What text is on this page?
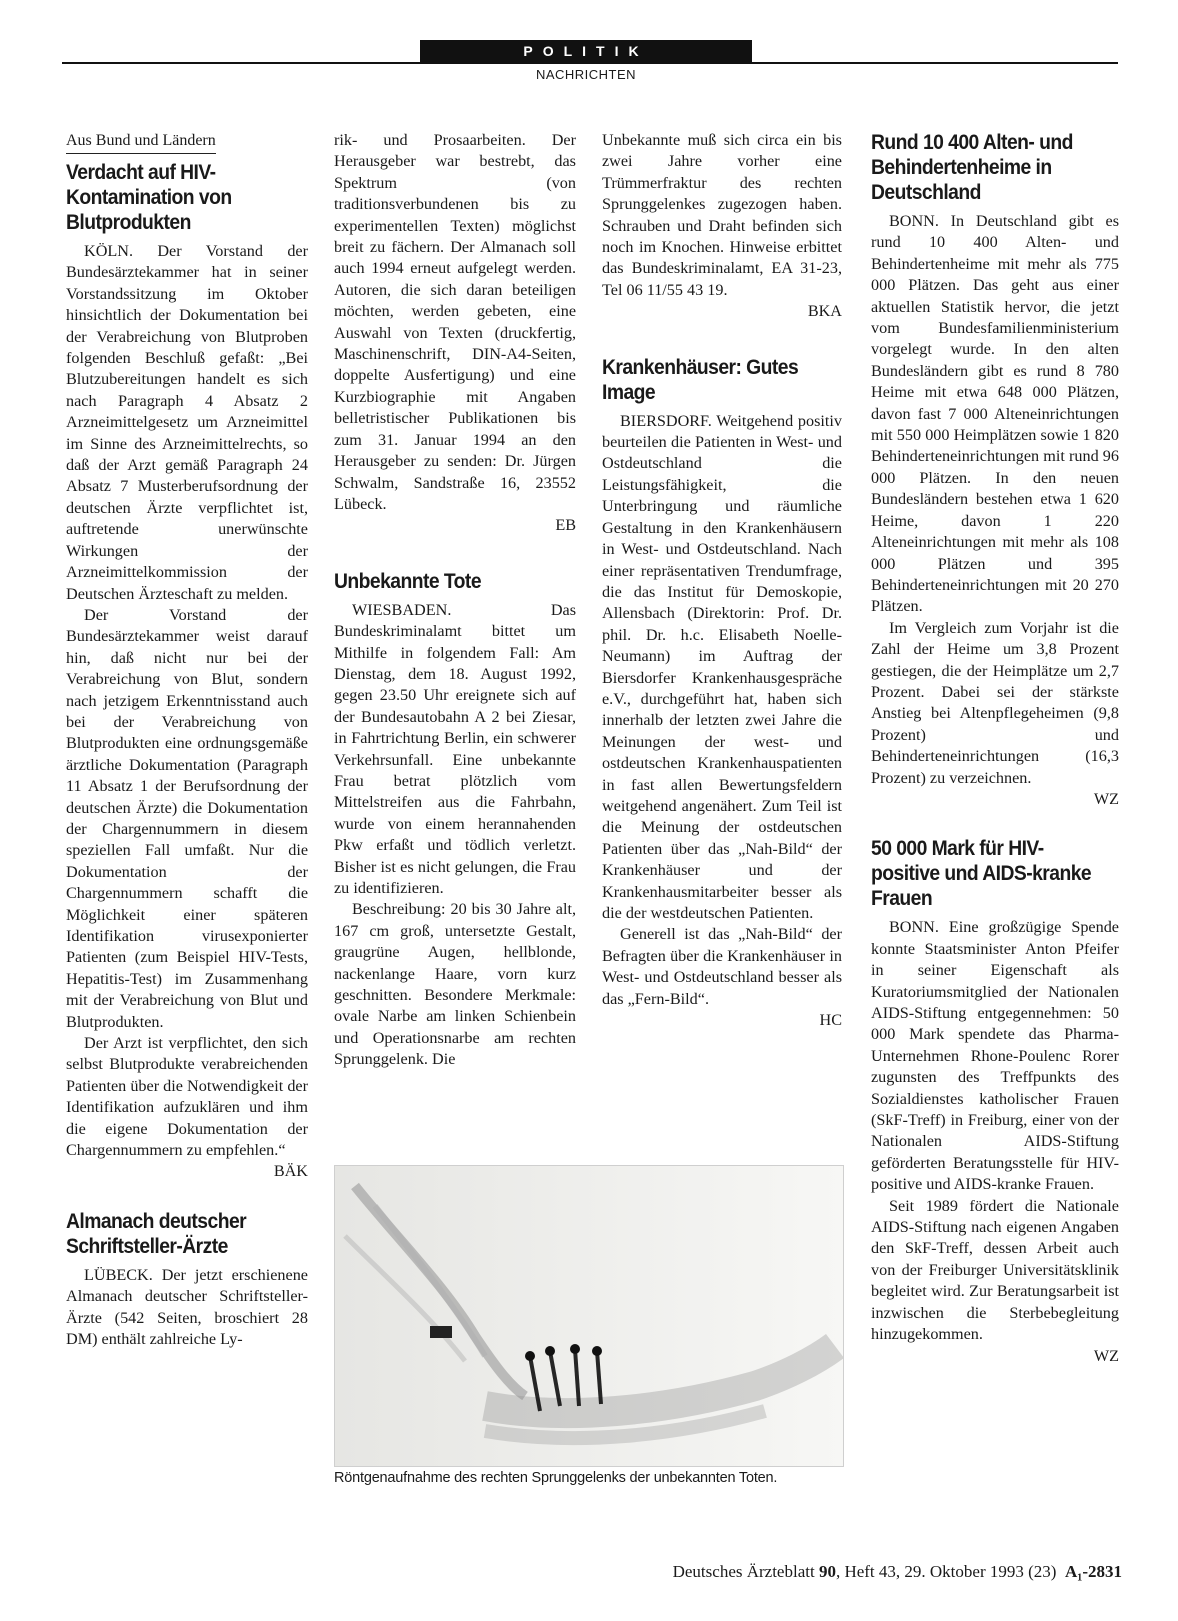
POLITIK
NACHRICHTEN
Aus Bund und Ländern
Verdacht auf HIV-Kontamination von Blutprodukten

KÖLN. Der Vorstand der Bundesärztekammer hat in seiner Vorstandssitzung im Oktober hinsichtlich der Dokumentation bei der Verabreichung von Blutproben folgenden Beschluß gefaßt: „Bei Blutzubereitungen handelt es sich nach Paragraph 4 Absatz 2 Arzneimittelgesetz um Arzneimittel im Sinne des Arzneimittelrechts, so daß der Arzt gemäß Paragraph 24 Absatz 7 Musterberufsordnung der deutschen Ärzte verpflichtet ist, auftretende unerwünschte Wirkungen der Arzneimittelkommission der Deutschen Ärzteschaft zu melden.

Der Vorstand der Bundesärztekammer weist darauf hin, daß nicht nur bei der Verabreichung von Blut, sondern nach jetzigem Erkenntnisstand auch bei der Verabreichung von Blutprodukten eine ordnungsgemäße ärztliche Dokumentation (Paragraph 11 Absatz 1 der Berufsordnung der deutschen Ärzte) die Dokumentation der Chargennummern in diesem speziellen Fall umfaßt. Nur die Dokumentation der Chargennummern schafft die Möglichkeit einer späteren Identifikation virusexponierter Patienten (zum Beispiel HIV-Tests, Hepatitis-Test) im Zusammenhang mit der Verabreichung von Blut und Blutprodukten.

Der Arzt ist verpflichtet, den sich selbst Blutprodukte verabreichenden Patienten über die Notwendigkeit der Identifikation aufzuklären und ihm die eigene Dokumentation der Chargennummern zu empfehlen.“

BÄK
Almanach deutscher Schriftsteller-Ärzte

LÜBECK. Der jetzt erschienene Almanach deutscher Schriftsteller-Ärzte (542 Seiten, broschiert 28 DM) enthält zahlreiche Ly-

rik- und Prosaarbeiten. Der Herausgeber war bestrebt, das Spektrum (von traditionsverbundenen bis zu experimentellen Texten) möglichst breit zu fächern. Der Almanach soll auch 1994 erneut aufgelegt werden. Autoren, die sich daran beteiligen möchten, werden gebeten, eine Auswahl von Texten (druckfertig, Maschinenschrift, DIN-A4-Seiten, doppelte Ausfertigung) und eine Kurzbiographie mit Angaben belletristischer Publikationen bis zum 31. Januar 1994 an den Herausgeber zu senden: Dr. Jürgen Schwalm, Sandstraße 16, 23552 Lübeck.

EB
Unbekannte Tote

WIESBADEN. Das Bundeskriminalamt bittet um Mithilfe in folgendem Fall: Am Dienstag, dem 18. August 1992, gegen 23.50 Uhr ereignete sich auf der Bundesautobahn A 2 bei Ziesar, in Fahrtrichtung Berlin, ein schwerer Verkehrsunfall. Eine unbekannte Frau betrat plötzlich vom Mittelstreifen aus die Fahrbahn, wurde von einem herannahenden Pkw erfaßt und tödlich verletzt. Bisher ist es nicht gelungen, die Frau zu identifizieren.

Beschreibung: 20 bis 30 Jahre alt, 167 cm groß, untersetzte Gestalt, graugrüne Augen, hellblonde, nackenlange Haare, vorn kurz geschnitten. Besondere Merkmale: ovale Narbe am linken Schienbein und Operationsnarbe am rechten Sprunggelenk. Die

Unbekannte muß sich circa ein bis zwei Jahre vorher eine Trümmerfraktur des rechten Sprunggelenkes zugezogen haben. Schrauben und Draht befinden sich noch im Knochen. Hinweise erbittet das Bundeskriminalamt, EA 31-23, Tel 06 11/55 43 19.

BKA
Krankenhäuser: Gutes Image

BIERSDORF. Weitgehend positiv beurteilen die Patienten in West- und Ostdeutschland die Leistungsfähigkeit, die Unterbringung und räumliche Gestaltung in den Krankenhäusern in West- und Ostdeutschland. Nach einer repräsentativen Trendumfrage, die das Institut für Demoskopie, Allensbach (Direktorin: Prof. Dr. phil. Dr. h.c. Elisabeth Noelle-Neumann) im Auftrag der Biersdorfer Krankenhausgespräche e.V., durchgeführt hat, haben sich innerhalb der letzten zwei Jahre die Meinungen der west- und ostdeutschen Krankenhauspatienten in fast allen Bewertungsfeldern weitgehend angenähert. Zum Teil ist die Meinung der ostdeutschen Patienten über das „Nah-Bild“ der Krankenhäuser und der Krankenhausmitarbeiter besser als die der westdeutschen Patienten.

Generell ist das „Nah-Bild“ der Befragten über die Krankenhäuser in West- und Ostdeutschland besser als das „Fern-Bild“.

HC
Rund 10 400 Alten- und Behindertenheime in Deutschland

BONN. In Deutschland gibt es rund 10 400 Alten- und Behindertenheime mit mehr als 775 000 Plätzen. Das geht aus einer aktuellen Statistik hervor, die jetzt vom Bundesfamilienministerium vorgelegt wurde. In den alten Bundesländern gibt es rund 8 780 Heime mit etwa 648 000 Plätzen, davon fast 7 000 Alteneinrichtungen mit 550 000 Heimplätzen sowie 1 820 Behinderteneinrichtungen mit rund 96 000 Plätzen. In den neuen Bundesländern bestehen etwa 1 620 Heime, davon 1 220 Alteneinrichtungen mit mehr als 108 000 Plätzen und 395 Behinderteneinrichtungen mit 20 270 Plätzen.

Im Vergleich zum Vorjahr ist die Zahl der Heime um 3,8 Prozent gestiegen, die der Heimplätze um 2,7 Prozent. Dabei sei der stärkste Anstieg bei Altenpflegeheimen (9,8 Prozent) und Behinderteneinrichtungen (16,3 Prozent) zu verzeichnen.

WZ
50 000 Mark für HIV-positive und AIDS-kranke Frauen

BONN. Eine großzügige Spende konnte Staatsminister Anton Pfeifer in seiner Eigenschaft als Kuratoriumsmitglied der Nationalen AIDS-Stiftung entgegennehmen: 50 000 Mark spendete das Pharma-Unternehmen Rhone-Poulenc Rorer zugunsten des Treffpunkts des Sozialdienstes katholischer Frauen (SkF-Treff) in Freiburg, einer von der Nationalen AIDS-Stiftung geförderten Beratungsstelle für HIV-positive und AIDS-kranke Frauen.

Seit 1989 fördert die Nationale AIDS-Stiftung nach eigenen Angaben den SkF-Treff, dessen Arbeit auch von der Freiburger Universitätsklinik begleitet wird. Zur Beratungsarbeit ist inzwischen die Sterbebegleitung hinzugekommen.

WZ
Röntgenaufnahme des rechten Sprunggelenks der unbekannten Toten.
Deutsches Ärzteblatt 90, Heft 43, 29. Oktober 1993 (23) A₁-2831
